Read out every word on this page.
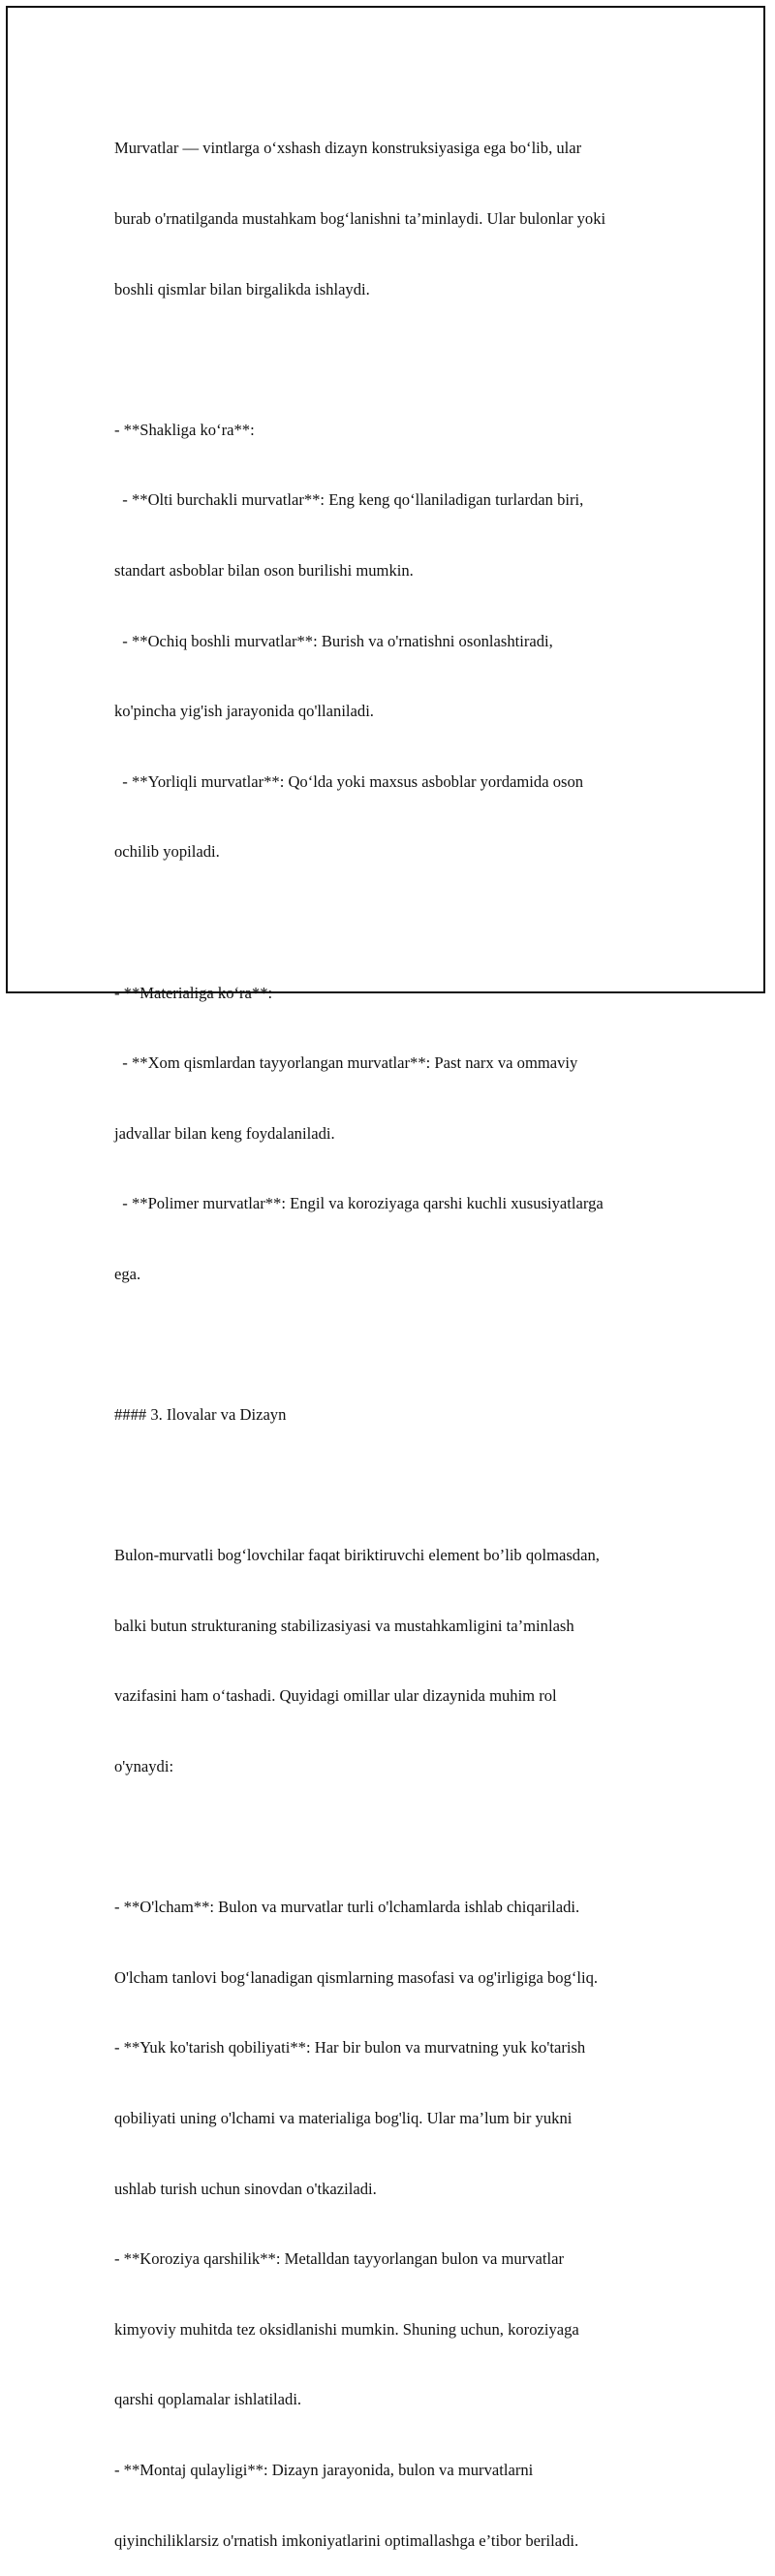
Murvatlar — vintlarga o‘xshash dizayn konstruksiyasiga ega bo‘lib, ular

burab o'rnatilganda mustahkam bog‘lanishni ta’minlaydi. Ular bulonlar yoki

boshli qismlar bilan birgalikda ishlaydi.

- **Shakliga ko‘ra**:

- **Olti burchakli murvatlar**: Eng keng qo‘llaniladigan turlardan biri,

standart asboblar bilan oson burilishi mumkin.

- **Ochiq boshli murvatlar**: Burish va o'rnatishni osonlashtiradi,

ko'pincha yig'ish jarayonida qo'llaniladi.

- **Yorliqli murvatlar**: Qo‘lda yoki maxsus asboblar yordamida oson

ochilib yopiladi.

- **Materialiga ko‘ra**:

- **Xom qismlardan tayyorlangan murvatlar**: Past narx va ommaviy

jadvallar bilan keng foydalaniladi.

- **Polimer murvatlar**: Engil va koroziyaga qarshi kuchli xususiyatlarga

ega.

#### 3. Ilovalar va Dizayn

Bulon-murvatli bog‘lovchilar faqat biriktiruvchi element bo’lib qolmasdan,

balki butun strukturaning stabilizasiyasi va mustahkamligini ta’minlash

vazifasini ham o‘tashadi. Quyidagi omillar ular dizaynida muhim rol

o'ynaydi:

- **O'lcham**: Bulon va murvatlar turli o'lchamlarda ishlab chiqariladi.

O'lcham tanlovi bog‘lanadigan qismlarning masofasi va og'irligiga bog‘liq.

- **Yuk ko'tarish qobiliyati**: Har bir bulon va murvatning yuk ko'tarish

qobiliyati uning o'lchami va materialiga bog'liq. Ular ma’lum bir yukni

ushlab turish uchun sinovdan o'tkaziladi.

- **Koroziya qarshilik**: Metalldan tayyorlangan bulon va murvatlar

kimyoviy muhitda tez oksidlanishi mumkin. Shuning uchun, koroziyaga

qarshi qoplamalar ishlatiladi.

- **Montaj qulayligi**: Dizayn jarayonida, bulon va murvatlarni

qiyinchiliklarsiz o'rnatish imkoniyatlarini optimallashga e’tibor beriladi.
